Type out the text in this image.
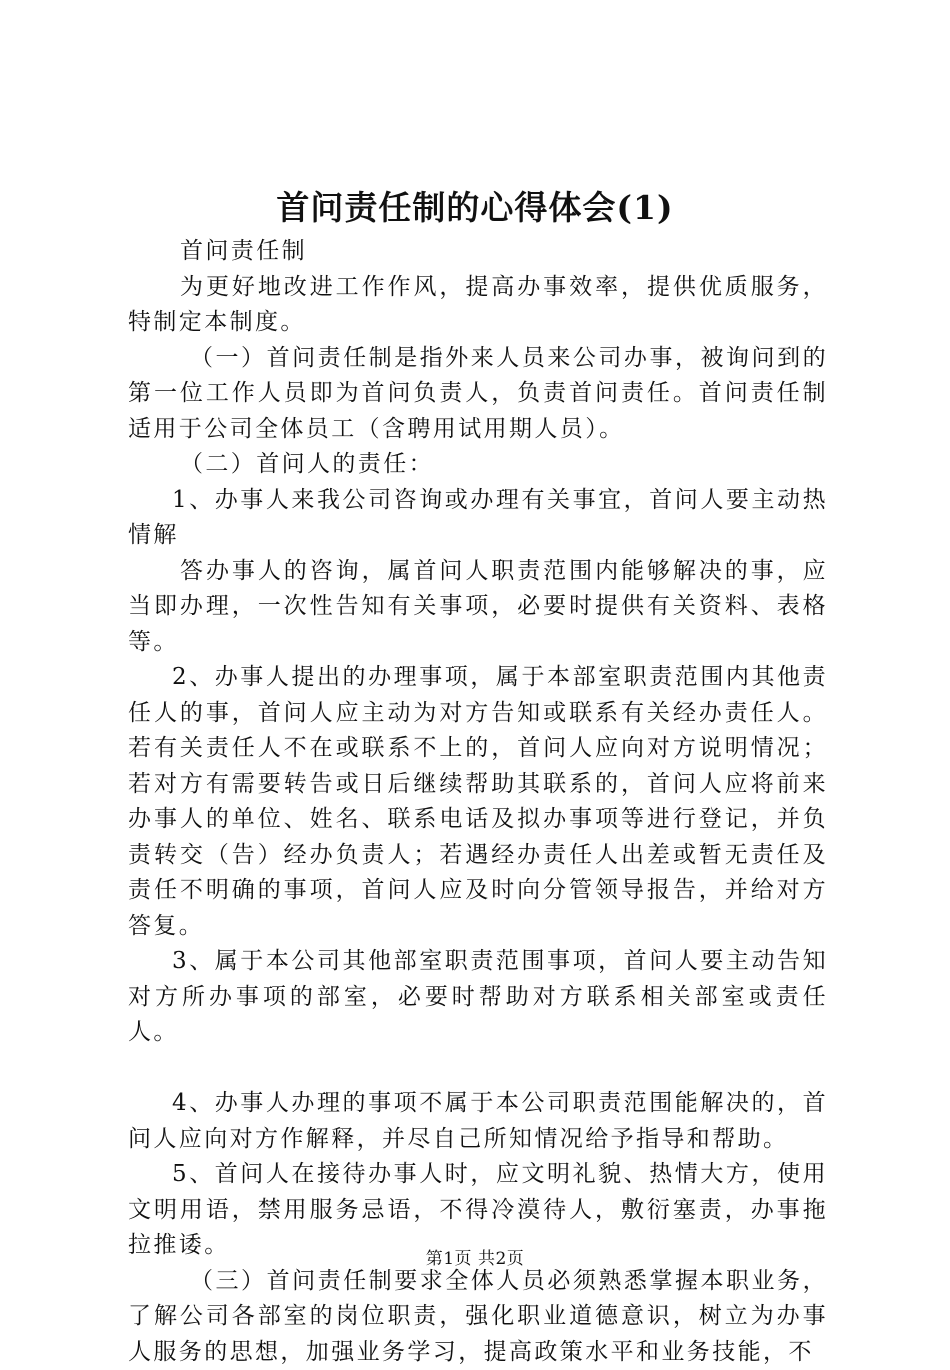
首问责任制的心得体会(1)

首问责任制

为更好地改进工作作风，提高办事效率，提供优质服务，特制定本制度。

（一）首问责任制是指外来人员来公司办事，被询问到的第一位工作人员即为首问负责人，负责首问责任。首问责任制适用于公司全体员工（含聘用试用期人员）。

（二）首问人的责任：

1、办事人来我公司咨询或办理有关事宜，首问人要主动热情解

答办事人的咨询，属首问人职责范围内能够解决的事，应当即办理，一次性告知有关事项，必要时提供有关资料、表格等。

2、办事人提出的办理事项，属于本部室职责范围内其他责任人的事，首问人应主动为对方告知或联系有关经办责任人。若有关责任人不在或联系不上的，首问人应向对方说明情况；若对方有需要转告或日后继续帮助其联系的，首问人应将前来办事人的单位、姓名、联系电话及拟办事项等进行登记，并负责转交（告）经办负责人；若遇经办责任人出差或暂无责任及责任不明确的事项，首问人应及时向分管领导报告，并给对方答复。

3、属于本公司其他部室职责范围事项，首问人要主动告知对方所办事项的部室，必要时帮助对方联系相关部室或责任人。

4、办事人办理的事项不属于本公司职责范围能解决的，首问人应向对方作解释，并尽自己所知情况给予指导和帮助。

5、首问人在接待办事人时，应文明礼貌、热情大方，使用文明用语，禁用服务忌语，不得冷漠待人，敷衍塞责，办事拖拉推诿。

（三）首问责任制要求全体人员必须熟悉掌握本职业务，了解公司各部室的岗位职责，强化职业道德意识，树立为办事人服务的思想，加强业务学习，提高政策水平和业务技能，不

第1页 共2页
